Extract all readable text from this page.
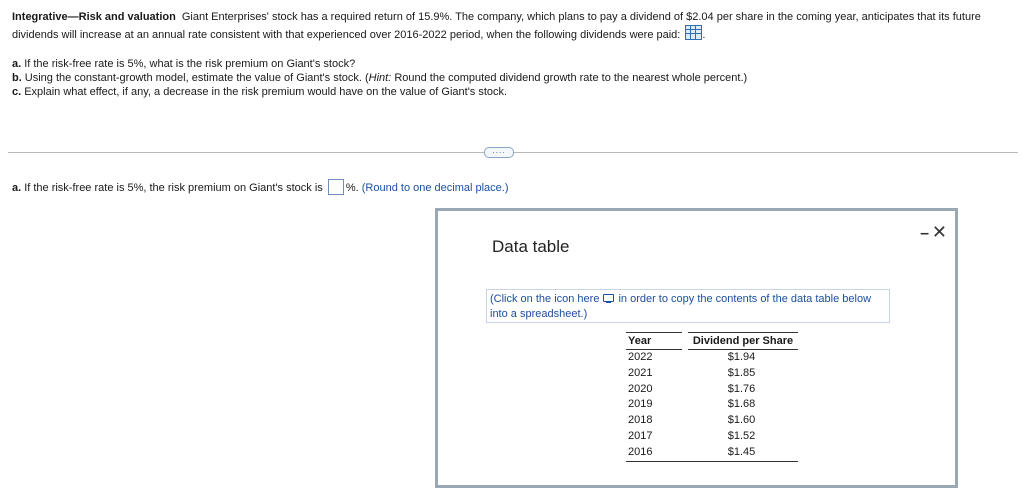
Integrative—Risk and valuation Giant Enterprises' stock has a required return of 15.9%. The company, which plans to pay a dividend of $2.04 per share in the coming year, anticipates that its future dividends will increase at an annual rate consistent with that experienced over 2016-2022 period, when the following dividends were paid: .
a. If the risk-free rate is 5%, what is the risk premium on Giant's stock?
b. Using the constant-growth model, estimate the value of Giant's stock. (Hint: Round the computed dividend growth rate to the nearest whole percent.)
c. Explain what effect, if any, a decrease in the risk premium would have on the value of Giant's stock.
....
a. If the risk-free rate is 5%, the risk premium on Giant's stock is %. (Round to one decimal place.)
Data table
– ✕
(Click on the icon here in order to copy the contents of the data table below into a spreadsheet.)
Year	Dividend per Share
2022	$1.94
2021	$1.85
2020	$1.76
2019	$1.68
2018	$1.60
2017	$1.52
2016	$1.45
